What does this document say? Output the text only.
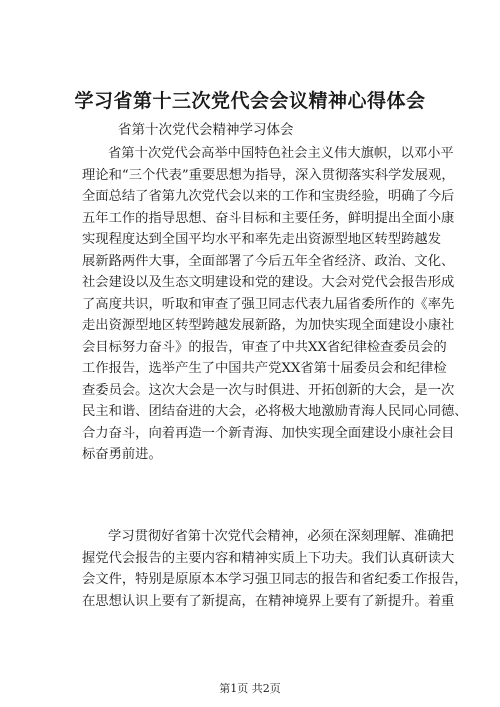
学习省第十三次党代会会议精神心得体会
省第十次党代会精神学习体会
省第十次党代会高举中国特色社会主义伟大旗帜，以邓小平
理论和“三个代表”重要思想为指导，深入贯彻落实科学发展观，
全面总结了省第九次党代会以来的工作和宝贵经验，明确了今后
五年工作的指导思想、奋斗目标和主要任务，鲜明提出全面小康
实现程度达到全国平均水平和率先走出资源型地区转型跨越发
展新路两件大事，全面部署了今后五年全省经济、政治、文化、
社会建设以及生态文明建设和党的建设。大会对党代会报告形成
了高度共识，听取和审查了强卫同志代表九届省委所作的《率先
走出资源型地区转型跨越发展新路，为加快实现全面建设小康社
会目标努力奋斗》的报告，审查了中共XX省纪律检查委员会的
工作报告，选举产生了中国共产党XX省第十届委员会和纪律检
查委员会。这次大会是一次与时俱进、开拓创新的大会，是一次
民主和谐、团结奋进的大会，必将极大地激励青海人民同心同德、
合力奋斗，向着再造一个新青海、加快实现全面建设小康社会目
标奋勇前进。
学习贯彻好省第十次党代会精神，必须在深刻理解、准确把
握党代会报告的主要内容和精神实质上下功夫。我们认真研读大
会文件，特别是原原本本学习强卫同志的报告和省纪委工作报告，
在思想认识上要有了新提高，在精神境界上要有了新提升。着重
第1页 共2页
